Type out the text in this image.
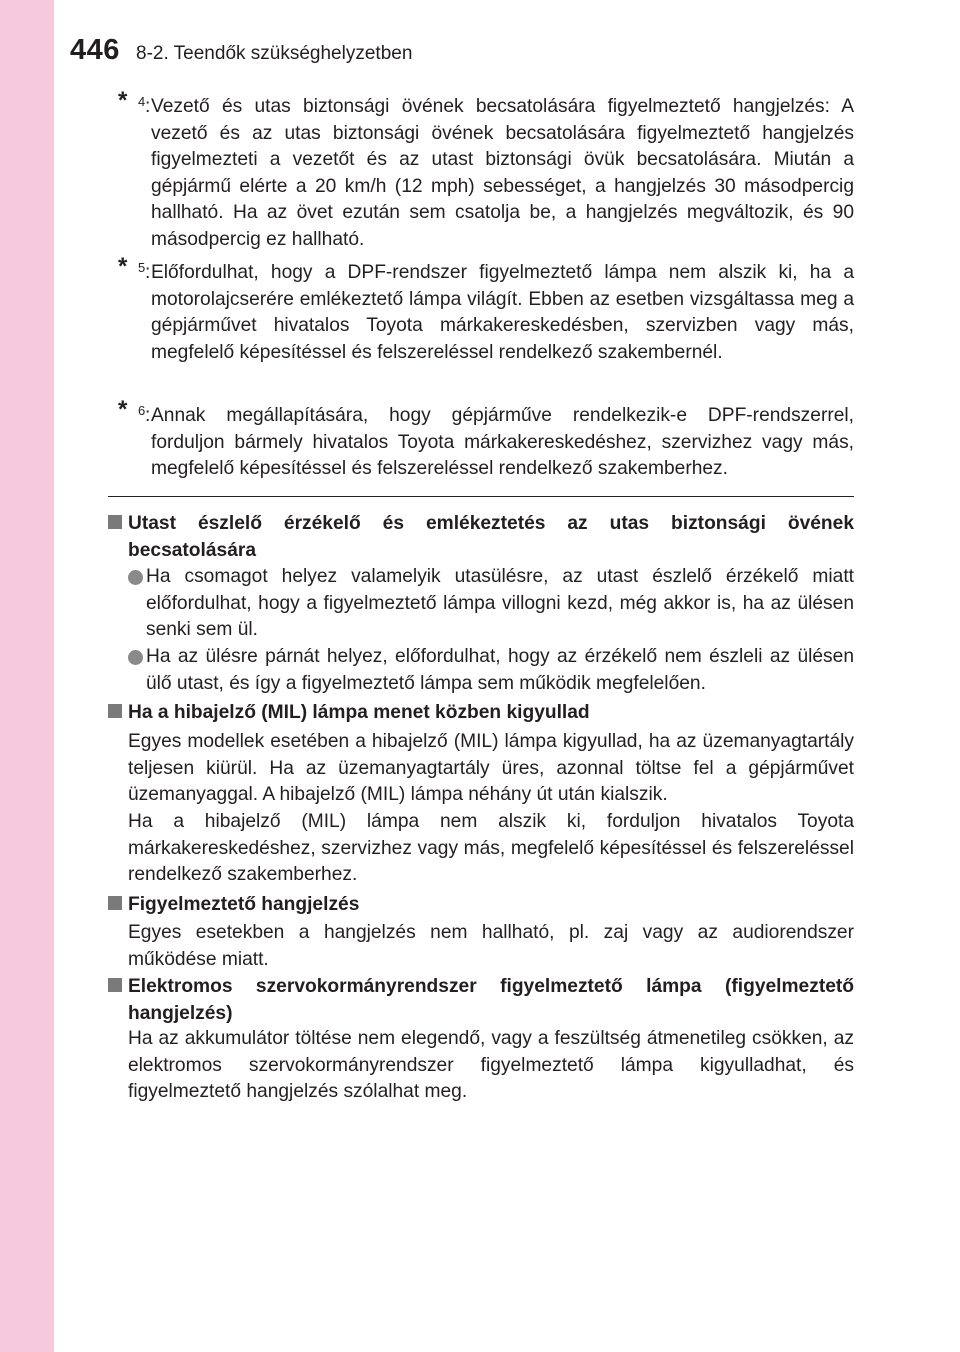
446 8-2. Teendők szükséghelyzetben
* 4 : Vezető és utas biztonsági övének becsatolására figyelmeztető hangjelzés: A vezető és az utas biztonsági övének becsatolására figyelmeztető hangjelzés figyelmezteti a vezetőt és az utast biztonsági övük becsatolására. Miután a gépjármű elérte a 20 km/h (12 mph) sebességet, a hangjelzés 30 másodpercig hallható. Ha az övet ezután sem csatolja be, a hangjelzés megváltozik, és 90 másodpercig ez hallható.
* 5 : Előfordulhat, hogy a DPF-rendszer figyelmeztető lámpa nem alszik ki, ha a motorolajcserére emlékeztető lámpa világít. Ebben az esetben vizsgáltassa meg a gépjárművet hivatalos Toyota márkakereskedésben, szervizben vagy más, megfelelő képesítéssel és felszereléssel rendelkező szakembernél.
* 6 : Annak megállapítására, hogy gépjárműve rendelkezik-e DPF-rendszerrel, forduljon bármely hivatalos Toyota márkakereskedéshez, szervizhez vagy más, megfelelő képesítéssel és felszereléssel rendelkező szakemberhez.
Utast észlelő érzékelő és emlékeztetés az utas biztonsági övének becsatolására
Ha csomagot helyez valamelyik utasülésre, az utast észlelő érzékelő miatt előfordulhat, hogy a figyelmeztető lámpa villogni kezd, még akkor is, ha az ülésen senki sem ül.
Ha az ülésre párnát helyez, előfordulhat, hogy az érzékelő nem észleli az ülésen ülő utast, és így a figyelmeztető lámpa sem működik megfelelően.
Ha a hibajelző (MIL) lámpa menet közben kigyullad
Egyes modellek esetében a hibajelző (MIL) lámpa kigyullad, ha az üzemanyagtartály teljesen kiürül. Ha az üzemanyagtartály üres, azonnal töltse fel a gépjárművet üzemanyaggal. A hibajelző (MIL) lámpa néhány út után kialszik.
Ha a hibajelző (MIL) lámpa nem alszik ki, forduljon hivatalos Toyota márkakereskedéshez, szervizhez vagy más, megfelelő képesítéssel és felszereléssel rendelkező szakemberhez.
Figyelmeztető hangjelzés
Egyes esetekben a hangjelzés nem hallható, pl. zaj vagy az audiorendszer működése miatt.
Elektromos szervokormányrendszer figyelmeztető lámpa (figyelmeztető hangjelzés)
Ha az akkumulátor töltése nem elegendő, vagy a feszültség átmenetileg csökken, az elektromos szervokormányrendszer figyelmeztető lámpa kigyulladhat, és figyelmeztető hangjelzés szólalhat meg.
